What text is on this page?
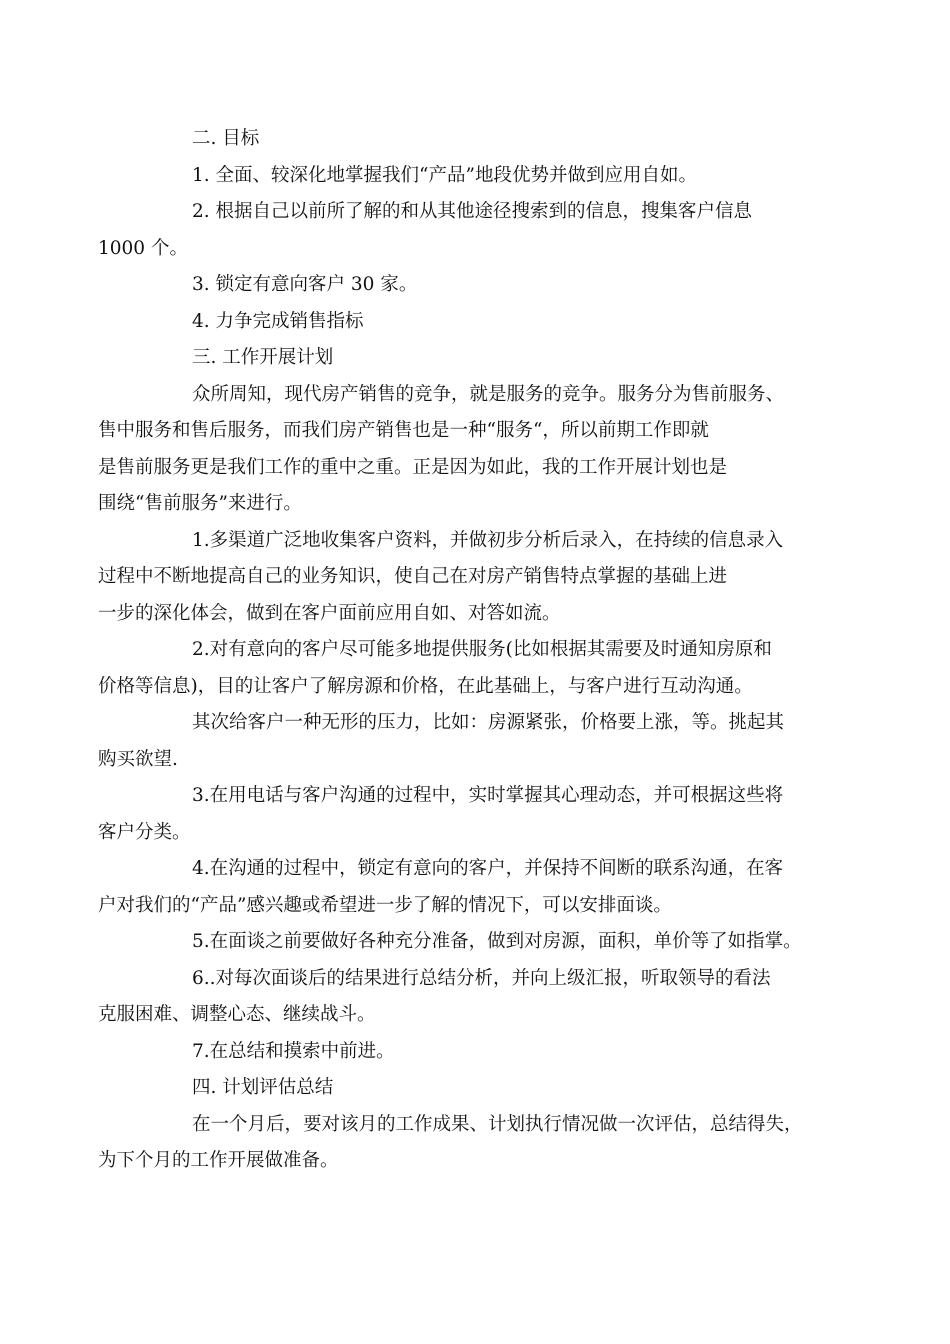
二. 目标

1. 全面、较深化地掌握我们“产品”地段优势并做到应用自如。

2. 根据自己以前所了解的和从其他途径搜索到的信息，搜集客户信息
1000 个。

3. 锁定有意向客户 30 家。

4. 力争完成销售指标

三. 工作开展计划

众所周知，现代房产销售的竞争，就是服务的竞争。服务分为售前服务、
售中服务和售后服务，而我们房产销售也是一种“服务“，所以前期工作即就
是售前服务更是我们工作的重中之重。正是因为如此，我的工作开展计划也是
围绕“售前服务”来进行。

1.多渠道广泛地收集客户资料，并做初步分析后录入，在持续的信息录入
过程中不断地提高自己的业务知识，使自己在对房产销售特点掌握的基础上进
一步的深化体会，做到在客户面前应用自如、对答如流。

2.对有意向的客户尽可能多地提供服务(比如根据其需要及时通知房原和
价格等信息)，目的让客户了解房源和价格，在此基础上，与客户进行互动沟通。

其次给客户一种无形的压力，比如：房源紧张，价格要上涨，等。挑起其
购买欲望.

3.在用电话与客户沟通的过程中，实时掌握其心理动态，并可根据这些将
客户分类。

4.在沟通的过程中，锁定有意向的客户，并保持不间断的联系沟通，在客
户对我们的“产品”感兴趣或希望进一步了解的情况下，可以安排面谈。

5.在面谈之前要做好各种充分准备，做到对房源，面积，单价等了如指掌。

6..对每次面谈后的结果进行总结分析，并向上级汇报，听取领导的看法
克服困难、调整心态、继续战斗。

7.在总结和摸索中前进。

四. 计划评估总结

在一个月后，要对该月的工作成果、计划执行情况做一次评估，总结得失，
为下个月的工作开展做准备。
